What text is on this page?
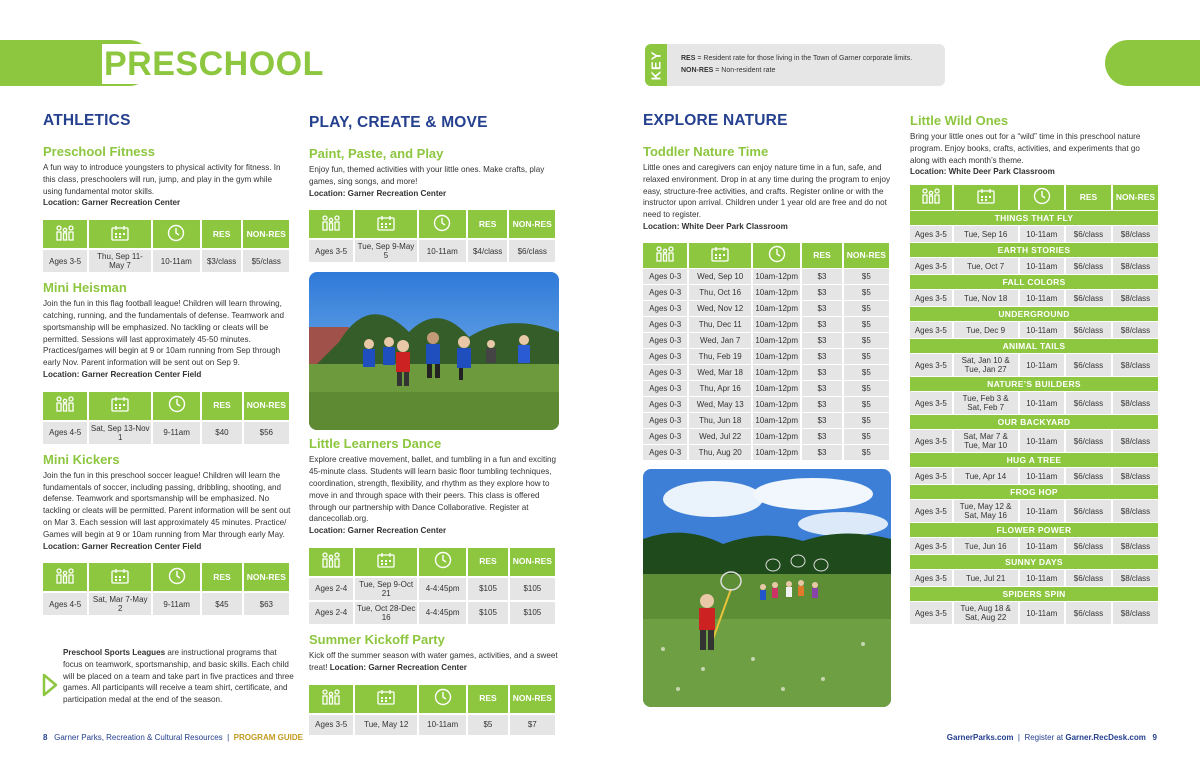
PRESCHOOL	KEY RES = Resident rate for those living in the Town of Garner corporate limits.
NON-RES = Non-resident rate
ATHLETICS
Preschool Fitness
A fun way to introduce youngsters to physical activity for fitness. In this class, preschoolers will run, jump, and play in the gym while using fundamental motor skills.
Location: Garner Recreation Center
			RES	NON-RES
Ages 3-5	Thu, Sep 11-May 7	10-11am	$3/class	$5/class
Mini Heisman
Join the fun in this flag football league! Children will learn throwing, catching, running, and the fundamentals of defense. Teamwork and sportsmanship will be emphasized. No tackling or cleats will be permitted. Sessions will last approximately 45-50 minutes. Practices/games will begin at 9 or 10am running from Sep through early Nov. Parent information will be sent out on Sep 9.
Location: Garner Recreation Center Field
			RES	NON-RES
Ages 4-5	Sat, Sep 13-Nov 1	9-11am	$40	$56
Mini Kickers
Join the fun in this preschool soccer league! Children will learn the fundamentals of soccer, including passing, dribbling, shooting, and defense. Teamwork and sportsmanship will be emphasized. No tackling or cleats will be permitted. Parent information will be sent out on Mar 3. Each session will last approximately 45 minutes. Practice/ Games will begin at 9 or 10am running from Mar through early May. Location: Garner Recreation Center Field
			RES	NON-RES
Ages 4-5	Sat, Mar 7-May 2	9-11am	$45	$63
Preschool Sports Leagues are instructional programs that focus on teamwork, sportsmanship, and basic skills. Each child will be placed on a team and take part in five practices and three games. All participants will receive a team shirt, certificate, and participation medal at the end of the season.
PLAY, CREATE & MOVE
Paint, Paste, and Play
Enjoy fun, themed activities with your little ones. Make crafts, play games, sing songs, and more!
Location: Garner Recreation Center
			RES	NON-RES
Ages 3-5	Tue, Sep 9-May 5	10-11am	$4/class	$6/class
Little Learners Dance
Explore creative movement, ballet, and tumbling in a fun and exciting 45-minute class. Students will learn basic floor tumbling techniques, coordination, strength, flexibility, and rhythm as they explore how to move in and through space with their peers. This class is offered through our partnership with Dance Collaborative. Register at dancecollab.org.
Location: Garner Recreation Center
			RES	NON-RES
Ages 2-4	Tue, Sep 9-Oct 21	4-4:45pm	$105	$105
Ages 2-4	Tue, Oct 28-Dec 16	4-4:45pm	$105	$105
Summer Kickoff Party
Kick off the summer season with water games, activities, and a sweet treat! Location: Garner Recreation Center
			RES	NON-RES
Ages 3-5	Tue, May 12	10-11am	$5	$7
EXPLORE NATURE
Toddler Nature Time
Little ones and caregivers can enjoy nature time in a fun, safe, and relaxed environment. Drop in at any time during the program to enjoy easy, structure-free activities, and crafts. Register online or with the instructor upon arrival. Children under 1 year old are free and do not need to register.
Location: White Deer Park Classroom
			RES	NON-RES
Ages 0-3	Wed, Sep 10	10am-12pm	$3	$5
Ages 0-3	Thu, Oct 16	10am-12pm	$3	$5
Ages 0-3	Wed, Nov 12	10am-12pm	$3	$5
Ages 0-3	Thu, Dec 11	10am-12pm	$3	$5
Ages 0-3	Wed, Jan 7	10am-12pm	$3	$5
Ages 0-3	Thu, Feb 19	10am-12pm	$3	$5
Ages 0-3	Wed, Mar 18	10am-12pm	$3	$5
Ages 0-3	Thu, Apr 16	10am-12pm	$3	$5
Ages 0-3	Wed, May 13	10am-12pm	$3	$5
Ages 0-3	Thu, Jun 18	10am-12pm	$3	$5
Ages 0-3	Wed, Jul 22	10am-12pm	$3	$5
Ages 0-3	Thu, Aug 20	10am-12pm	$3	$5
Little Wild Ones
Bring your little ones out for a “wild” time in this preschool nature program. Enjoy books, crafts, activities, and experiments that go along with each month’s theme.
Location: White Deer Park Classroom
			RES	NON-RES
THINGS THAT FLY				
Ages 3-5	Tue, Sep 16	10-11am	$6/class	$8/class
EARTH STORIES				
Ages 3-5	Tue, Oct 7	10-11am	$6/class	$8/class
FALL COLORS				
Ages 3-5	Tue, Nov 18	10-11am	$6/class	$8/class
UNDERGROUND				
Ages 3-5	Tue, Dec 9	10-11am	$6/class	$8/class
ANIMAL TAILS				
Ages 3-5	Sat, Jan 10 & Tue, Jan 27	10-11am	$6/class	$8/class
NATURE’S BUILDERS				
Ages 3-5	Tue, Feb 3 & Sat, Feb 7	10-11am	$6/class	$8/class
OUR BACKYARD				
Ages 3-5	Sat, Mar 7 & Tue, Mar 10	10-11am	$6/class	$8/class
HUG A TREE				
Ages 3-5	Tue, Apr 14	10-11am	$6/class	$8/class
FROG HOP				
Ages 3-5	Tue, May 12 & Sat, May 16	10-11am	$6/class	$8/class
FLOWER POWER				
Ages 3-5	Tue, Jun 16	10-11am	$6/class	$8/class
SUNNY DAYS				
Ages 3-5	Tue, Jul 21	10-11am	$6/class	$8/class
SPIDERS SPIN				
Ages 3-5	Tue, Aug 18 & Sat, Aug 22	10-11am	$6/class	$8/class
8 Garner Parks, Recreation & Cultural Resources | PROGRAM GUIDE	GarnerParks.com | Register at Garner.RecDesk.com 9
